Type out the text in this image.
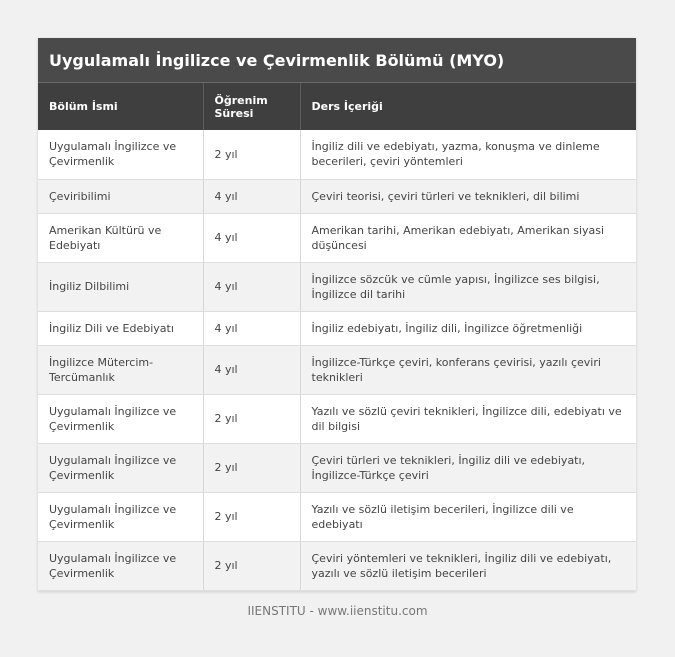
Uygulamalı İngilizce ve Çevirmenlik Bölümü (MYO)
Bölüm İsmi	Öğrenim Süresi	Ders İçeriği
Uygulamalı İngilizce ve Çevirmenlik	2 yıl	İngiliz dili ve edebiyatı, yazma, konuşma ve dinleme becerileri, çeviri yöntemleri
Çeviribilimi	4 yıl	Çeviri teorisi, çeviri türleri ve teknikleri, dil bilimi
Amerikan Kültürü ve Edebiyatı	4 yıl	Amerikan tarihi, Amerikan edebiyatı, Amerikan siyasi düşüncesi
İngiliz Dilbilimi	4 yıl	İngilizce sözcük ve cümle yapısı, İngilizce ses bilgisi, İngilizce dil tarihi
İngiliz Dili ve Edebiyatı	4 yıl	İngiliz edebiyatı, İngiliz dili, İngilizce öğretmenliği
İngilizce Mütercim-Tercümanlık	4 yıl	İngilizce-Türkçe çeviri, konferans çevirisi, yazılı çeviri teknikleri
Uygulamalı İngilizce ve Çevirmenlik	2 yıl	Yazılı ve sözlü çeviri teknikleri, İngilizce dili, edebiyatı ve dil bilgisi
Uygulamalı İngilizce ve Çevirmenlik	2 yıl	Çeviri türleri ve teknikleri, İngiliz dili ve edebiyatı, İngilizce-Türkçe çeviri
Uygulamalı İngilizce ve Çevirmenlik	2 yıl	Yazılı ve sözlü iletişim becerileri, İngilizce dili ve edebiyatı
Uygulamalı İngilizce ve Çevirmenlik	2 yıl	Çeviri yöntemleri ve teknikleri, İngiliz dili ve edebiyatı, yazılı ve sözlü iletişim becerileri
IIENSTITU - www.iienstitu.com
